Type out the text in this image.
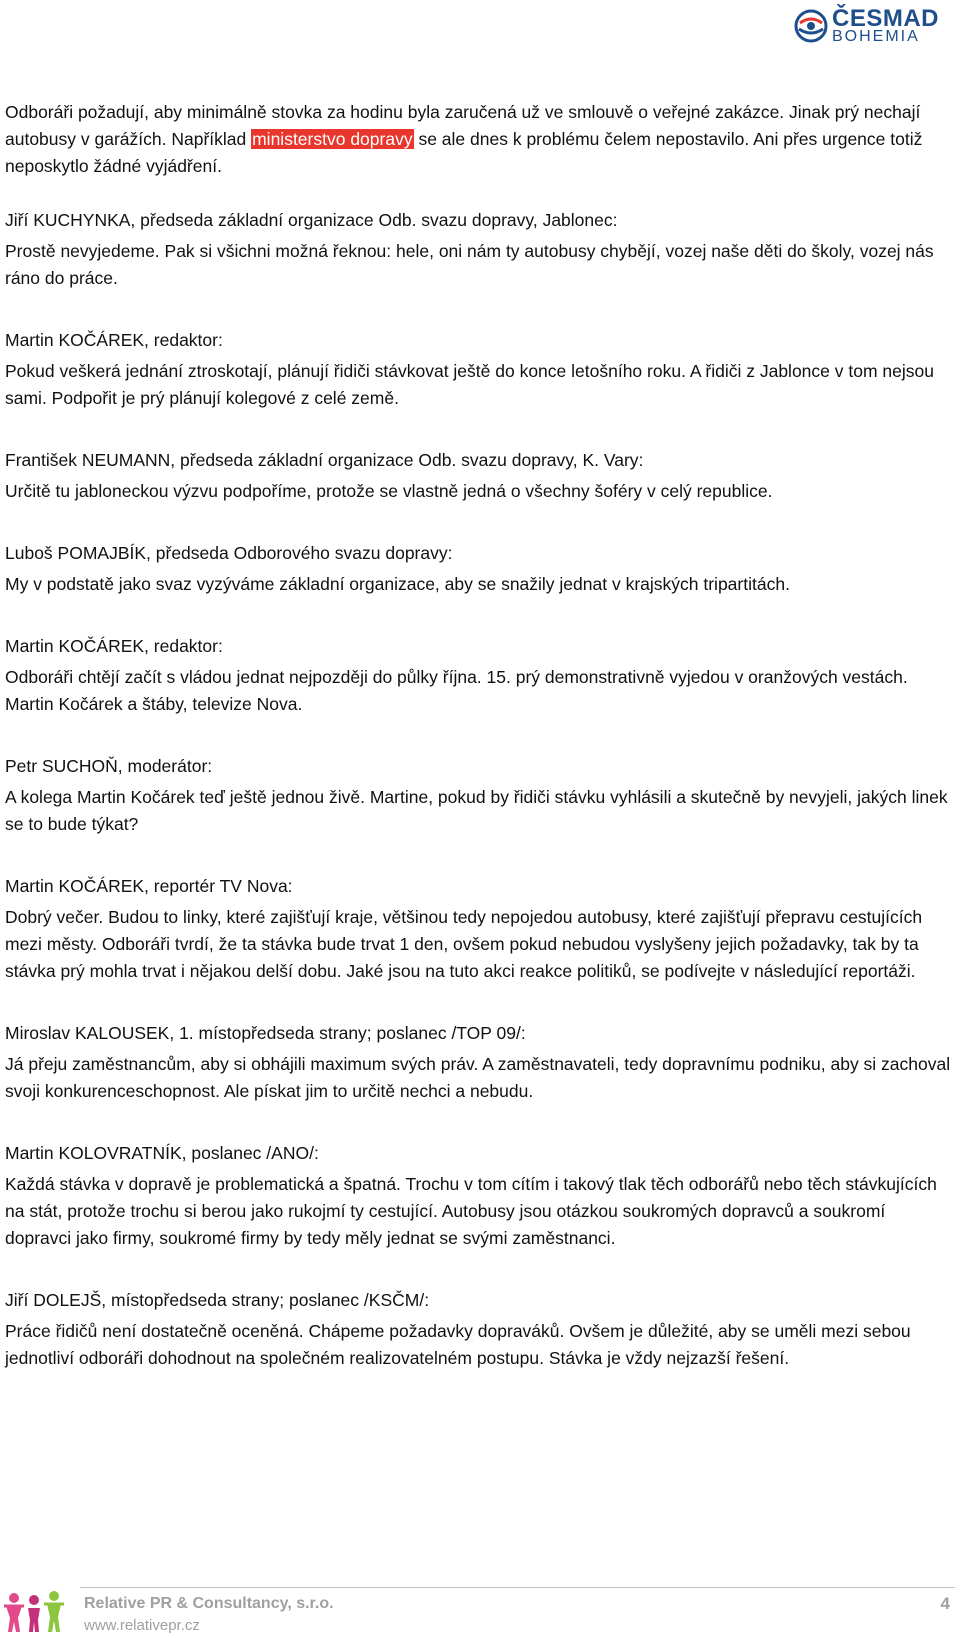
ČESMAD
BOHEMIA

Odboráři požadují, aby minimálně stovka za hodinu byla zaručená už ve smlouvě o veřejné zakázce. Jinak prý nechají autobusy v garážích. Například ministerstvo dopravy se ale dnes k problému čelem nepostavilo. Ani přes urgence totiž neposkytlo žádné vyjádření.

Jiří KUCHYNKA, předseda základní organizace Odb. svazu dopravy, Jablonec:

Prostě nevyjedeme. Pak si všichni možná řeknou: hele, oni nám ty autobusy chybějí, vozej naše děti do školy, vozej nás ráno do práce.

Martin KOČÁREK, redaktor:

Pokud veškerá jednání ztroskotají, plánují řidiči stávkovat ještě do konce letošního roku. A řidiči z Jablonce v tom nejsou sami. Podpořit je prý plánují kolegové z celé země.

František NEUMANN, předseda základní organizace Odb. svazu dopravy, K. Vary:

Určitě tu jabloneckou výzvu podpoříme, protože se vlastně jedná o všechny šoféry v celý republice.

Luboš POMAJBÍK, předseda Odborového svazu dopravy:

My v podstatě jako svaz vyzýváme základní organizace, aby se snažily jednat v krajských tripartitách.

Martin KOČÁREK, redaktor:

Odboráři chtějí začít s vládou jednat nejpozději do půlky října. 15. prý demonstrativně vyjedou v oranžových vestách. Martin Kočárek a štáby, televize Nova.

Petr SUCHOŇ, moderátor:

A kolega Martin Kočárek teď ještě jednou živě. Martine, pokud by řidiči stávku vyhlásili a skutečně by nevyjeli, jakých linek se to bude týkat?

Martin KOČÁREK, reportér TV Nova:

Dobrý večer. Budou to linky, které zajišťují kraje, většinou tedy nepojedou autobusy, které zajišťují přepravu cestujících mezi městy. Odboráři tvrdí, že ta stávka bude trvat 1 den, ovšem pokud nebudou vyslyšeny jejich požadavky, tak by ta stávka prý mohla trvat i nějakou delší dobu. Jaké jsou na tuto akci reakce politiků, se podívejte v následující reportáži.

Miroslav KALOUSEK, 1. místopředseda strany; poslanec /TOP 09/:

Já přeju zaměstnancům, aby si obhájili maximum svých práv. A zaměstnavateli, tedy dopravnímu podniku, aby si zachoval svoji konkurenceschopnost. Ale pískat jim to určitě nechci a nebudu.

Martin KOLOVRATNÍK, poslanec /ANO/:

Každá stávka v dopravě je problematická a špatná. Trochu v tom cítím i takový tlak těch odborářů nebo těch stávkujících na stát, protože trochu si berou jako rukojmí ty cestující. Autobusy jsou otázkou soukromých dopravců a soukromí dopravci jako firmy, soukromé firmy by tedy měly jednat se svými zaměstnanci.

Jiří DOLEJŠ, místopředseda strany; poslanec /KSČM/:

Práce řidičů není dostatečně oceněná. Chápeme požadavky dopraváků. Ovšem je důležité, aby se uměli mezi sebou jednotliví odboráři dohodnout na společném realizovatelném postupu. Stávka je vždy nejzazší řešení.

Relative PR & Consultancy, s.r.o.
www.relativepr.cz
4
